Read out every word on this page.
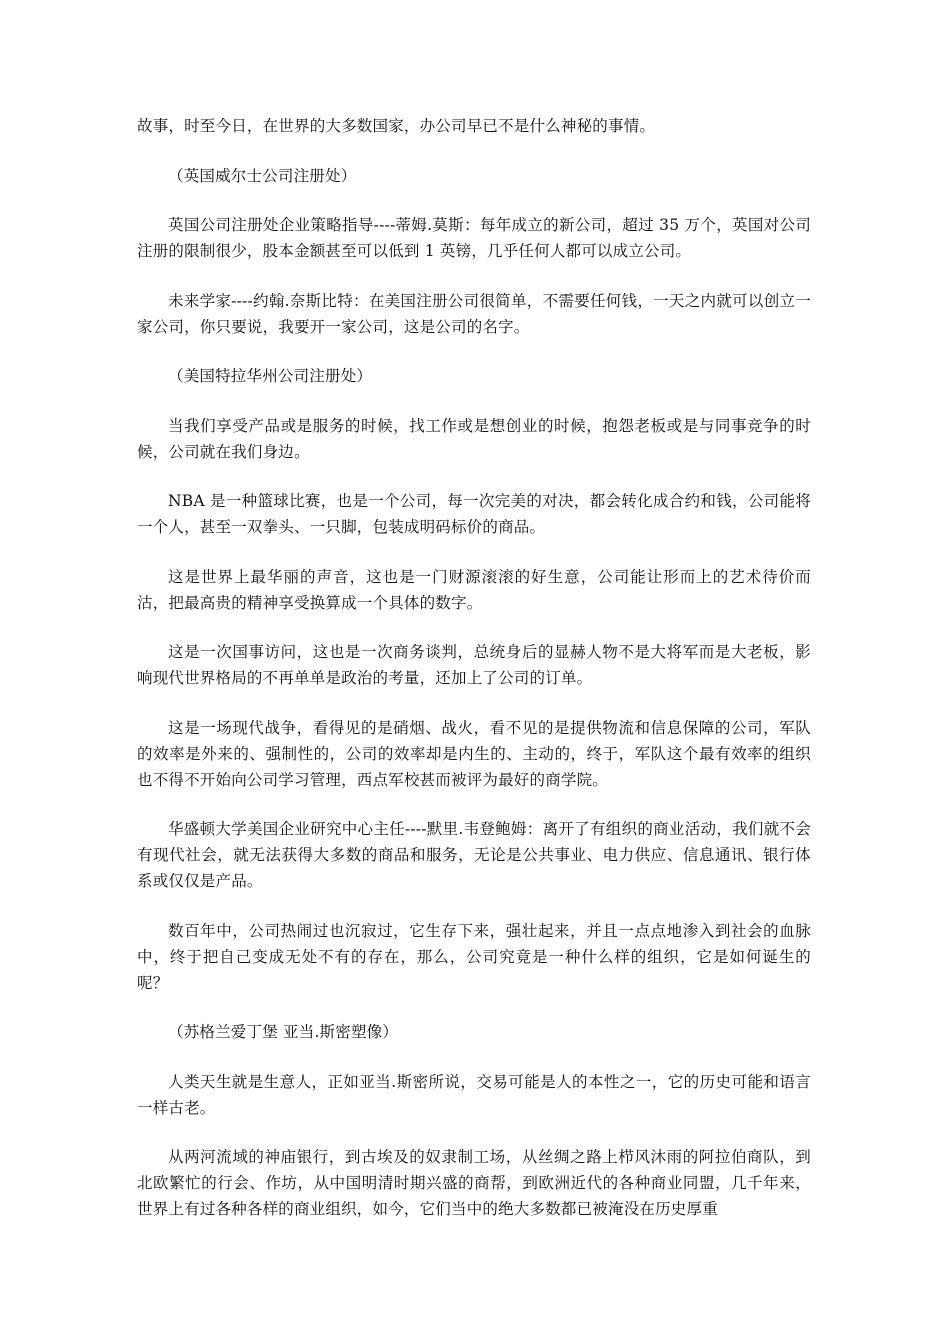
故事，时至今日，在世界的大多数国家，办公司早已不是什么神秘的事情。

（英国威尔士公司注册处）

英国公司注册处企业策略指导----蒂姆.莫斯：每年成立的新公司，超过 35 万个，英国对公司注册的限制很少，股本金额甚至可以低到 1 英镑，几乎任何人都可以成立公司。

未来学家----约翰.奈斯比特：在美国注册公司很简单，不需要任何钱，一天之内就可以创立一家公司，你只要说，我要开一家公司，这是公司的名字。

（美国特拉华州公司注册处）

当我们享受产品或是服务的时候，找工作或是想创业的时候，抱怨老板或是与同事竞争的时候，公司就在我们身边。

NBA 是一种篮球比赛，也是一个公司，每一次完美的对决，都会转化成合约和钱，公司能将一个人，甚至一双拳头、一只脚，包装成明码标价的商品。

这是世界上最华丽的声音，这也是一门财源滚滚的好生意，公司能让形而上的艺术待价而沽，把最高贵的精神享受换算成一个具体的数字。

这是一次国事访问，这也是一次商务谈判，总统身后的显赫人物不是大将军而是大老板，影响现代世界格局的不再单单是政治的考量，还加上了公司的订单。

这是一场现代战争，看得见的是硝烟、战火，看不见的是提供物流和信息保障的公司，军队的效率是外来的、强制性的，公司的效率却是内生的、主动的，终于，军队这个最有效率的组织也不得不开始向公司学习管理，西点军校甚而被评为最好的商学院。

华盛顿大学美国企业研究中心主任----默里.韦登鲍姆：离开了有组织的商业活动，我们就不会有现代社会，就无法获得大多数的商品和服务，无论是公共事业、电力供应、信息通讯、银行体系或仅仅是产品。

数百年中，公司热闹过也沉寂过，它生存下来，强壮起来，并且一点点地渗入到社会的血脉中，终于把自己变成无处不有的存在，那么，公司究竟是一种什么样的组织，它是如何诞生的呢？

（苏格兰爱丁堡 亚当.斯密塑像）

人类天生就是生意人，正如亚当.斯密所说，交易可能是人的本性之一，它的历史可能和语言一样古老。

从两河流域的神庙银行，到古埃及的奴隶制工场，从丝绸之路上栉风沐雨的阿拉伯商队，到北欧繁忙的行会、作坊，从中国明清时期兴盛的商帮，到欧洲近代的各种商业同盟，几千年来，世界上有过各种各样的商业组织，如今，它们当中的绝大多数都已被淹没在历史厚重
